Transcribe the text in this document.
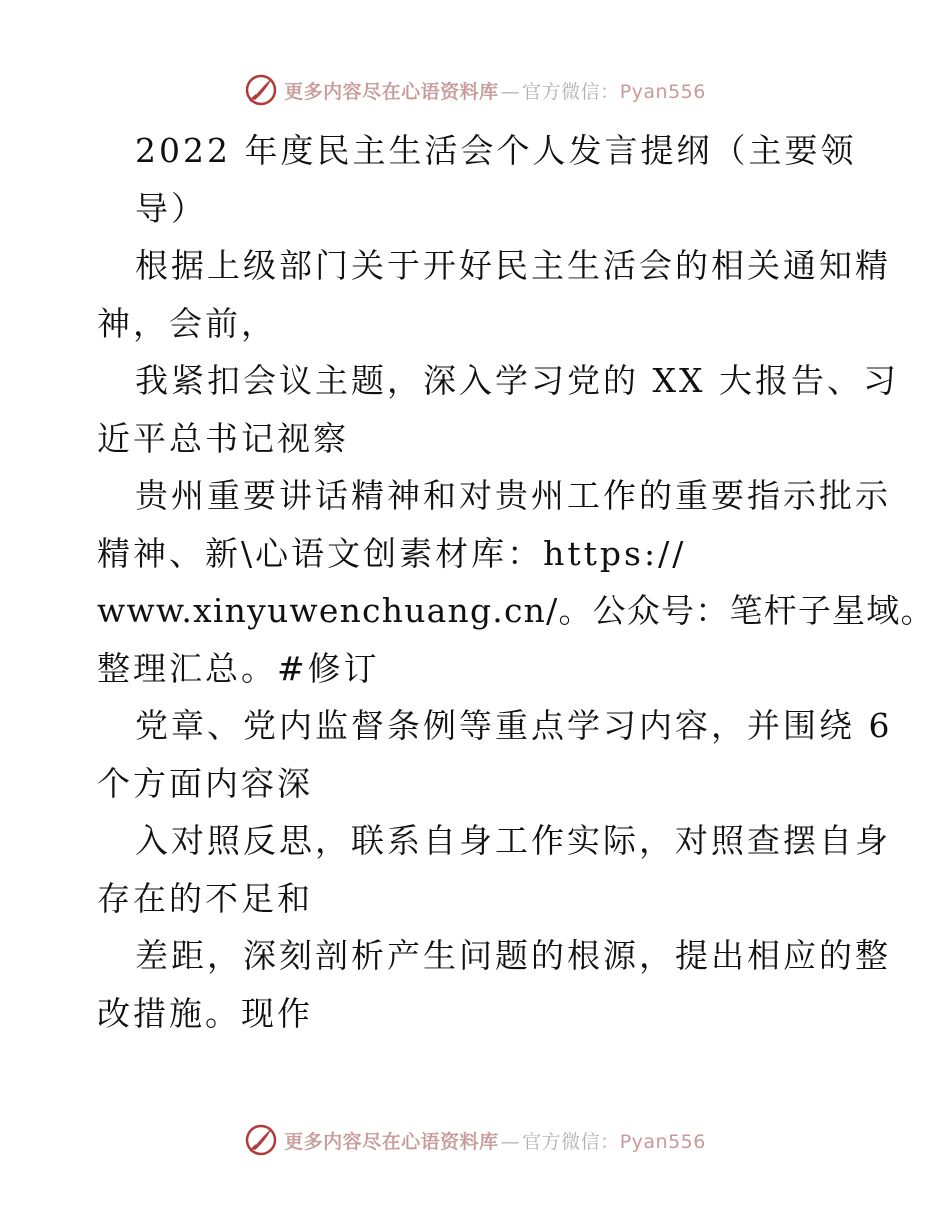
更多内容尽在心语资料库 — 官方微信：Pyan556
2022 年度民主生活会个人发言提纲（主要领
导）
根据上级部门关于开好民主生活会的相关通知精
神，会前，
我紧扣会议主题，深入学习党的 XX 大报告、习
近平总书记视察
贵州重要讲话精神和对贵州工作的重要指示批示
精神、新\心语文创素材库：https://
www.xinyuwenchuang.cn/。公众号：笔杆子星域。
整理汇总。#修订
党章、党内监督条例等重点学习内容，并围绕 6
个方面内容深
入对照反思，联系自身工作实际，对照查摆自身
存在的不足和
差距，深刻剖析产生问题的根源，提出相应的整
改措施。现作
更多内容尽在心语资料库 — 官方微信：Pyan556
